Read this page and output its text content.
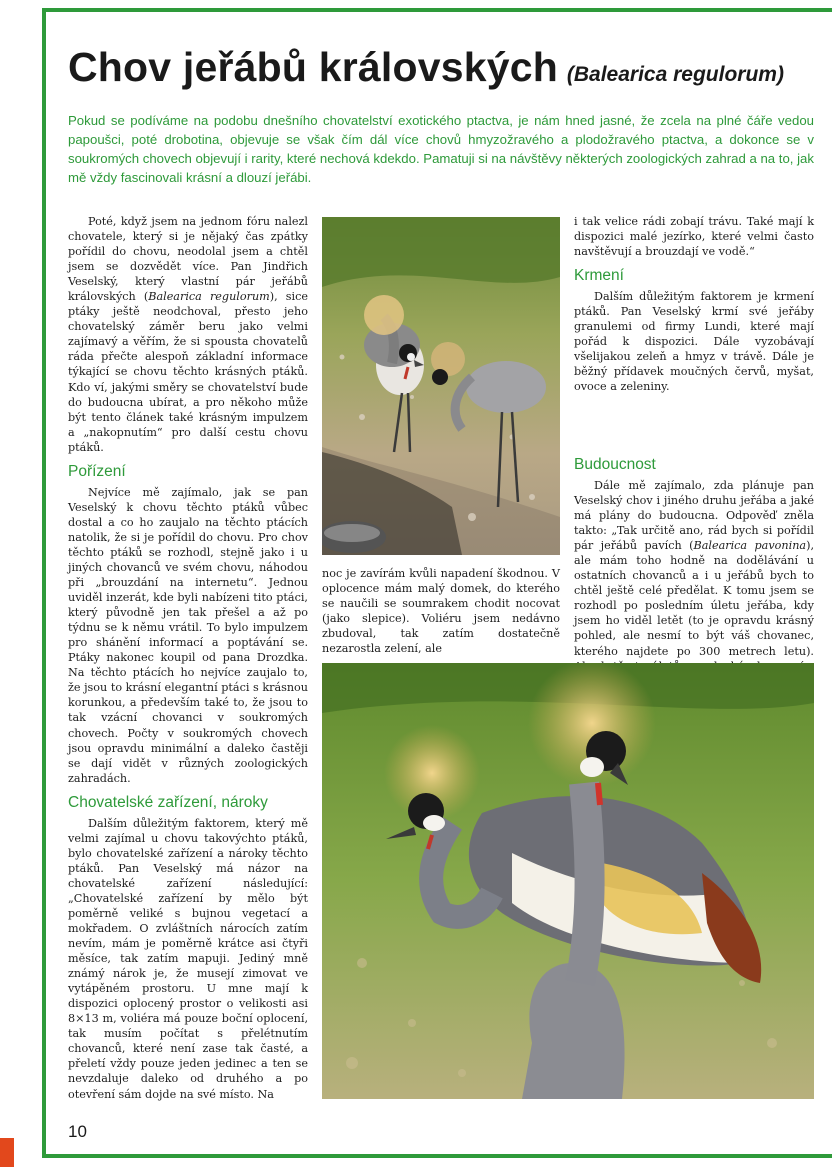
Chov jeřábů královských (Balearica regulorum)
Pokud se podíváme na podobu dnešního chovatelství exotického ptactva, je nám hned jasné, že zcela na plné čáře vedou papoušci, poté drobotina, objevuje se však čím dál více chovů hmyzožravého a plodožravého ptactva, a dokonce se v soukromých chovech objevují i rarity, které nechová kdekdo. Pamatuji si na návštěvy některých zoologických zahrad a na to, jak mě vždy fascinovali krásní a dlouzí jeřábi.

Poté, když jsem na jednom fóru nalezl chovatele, který si je nějaký čas zpátky pořídil do chovu, neodolal jsem a chtěl jsem se dozvědět více. Pan Jindřich Veselský, který vlastní pár jeřábů královských (Balearica regulorum), sice ptáky ještě neodchoval, přesto jeho chovatelský záměr beru jako velmi zajímavý a věřím, že si spousta chovatelů ráda přečte alespoň základní informace týkající se chovu těchto krásných ptáků. Kdo ví, jakými směry se chovatelství bude do budoucna ubírat, a pro někoho může být tento článek také krásným impulzem a „nakopnutím“ pro další cestu chovu ptáků.

Pořízení

Nejvíce mě zajímalo, jak se pan Veselský k chovu těchto ptáků vůbec dostal a co ho zaujalo na těchto ptácích natolik, že si je pořídil do chovu. Pro chov těchto ptáků se rozhodl, stejně jako i u jiných chovanců ve svém chovu, náhodou při „brouzdání na internetu“. Jednou uviděl inzerát, kde byli nabízeni tito ptáci, který původně jen tak přešel a až po týdnu se k němu vrátil. To bylo impulzem pro shánění informací a poptávání se. Ptáky nakonec koupil od pana Drozdka. Na těchto ptácích ho nejvíce zaujalo to, že jsou to krásní elegantní ptáci s krásnou korunkou, a především také to, že jsou to tak vzácní chovanci v soukromých chovech. Počty v soukromých chovech jsou opravdu minimální a daleko častěji se dají vidět v různých zoologických zahradách.

Chovatelské zařízení, nároky

Dalším důležitým faktorem, který mě velmi zajímal u chovu takovýchto ptáků, bylo chovatelské zařízení a nároky těchto ptáků. Pan Veselský má názor na chovatelské zařízení následující: „Chovatelské zařízení by mělo být poměrně veliké s bujnou vegetací a mokřadem. O zvláštních nárocích zatím nevím, mám je poměrně krátce asi čtyři měsíce, tak zatím mapuji. Jediný mně známý nárok je, že musejí zimovat ve vytápěném prostoru. U mne mají k dispozici oplocený prostor o velikosti asi 8×13 m, voliéra má pouze boční oplocení, tak musím počítat s přelétnutím chovanců, které není zase tak časté, a přeletí vždy pouze jeden jedinec a ten se nevzdaluje daleko od druhého a po otevření sám dojde na své místo. Na

noc je zavírám kvůli napadení škodnou. V oplocence mám malý domek, do kterého se naučili se soumrakem chodit nocovat (jako slepice). Voliéru jsem nedávno zbudoval, tak zatím dostatečně nezarostla zelení, ale

i tak velice rádi zobají trávu. Také mají k dispozici malé jezírko, které velmi často navštěvují a brouzdají ve vodě.“

Krmení

Dalším důležitým faktorem je krmení ptáků. Pan Veselský krmí své jeřáby granulemi od firmy Lundi, které mají pořád k dispozici. Dále vyzobávají všelijakou zeleň a hmyz v trávě. Dále je běžný přídavek moučných červů, myšat, ovoce a zeleniny.

Budoucnost

Dále mě zajímalo, zda plánuje pan Veselský chov i jiného druhu jeřába a jaké má plány do budoucna. Odpověď zněla takto: „Tak určitě ano, rád bych si pořídil pár jeřábů pavích (Balearica pavonina), ale mám toho hodně na dodělávání u ostatních chovanců a i u jeřábů bych to chtěl ještě celé předělat. K tomu jsem se rozhodl po posledním úletu jeřába, kdy jsem ho viděl letět (to je opravdu krásný pohled, ale nesmí to být váš chovanec, kterého najdete po 300 metrech letu).

10
